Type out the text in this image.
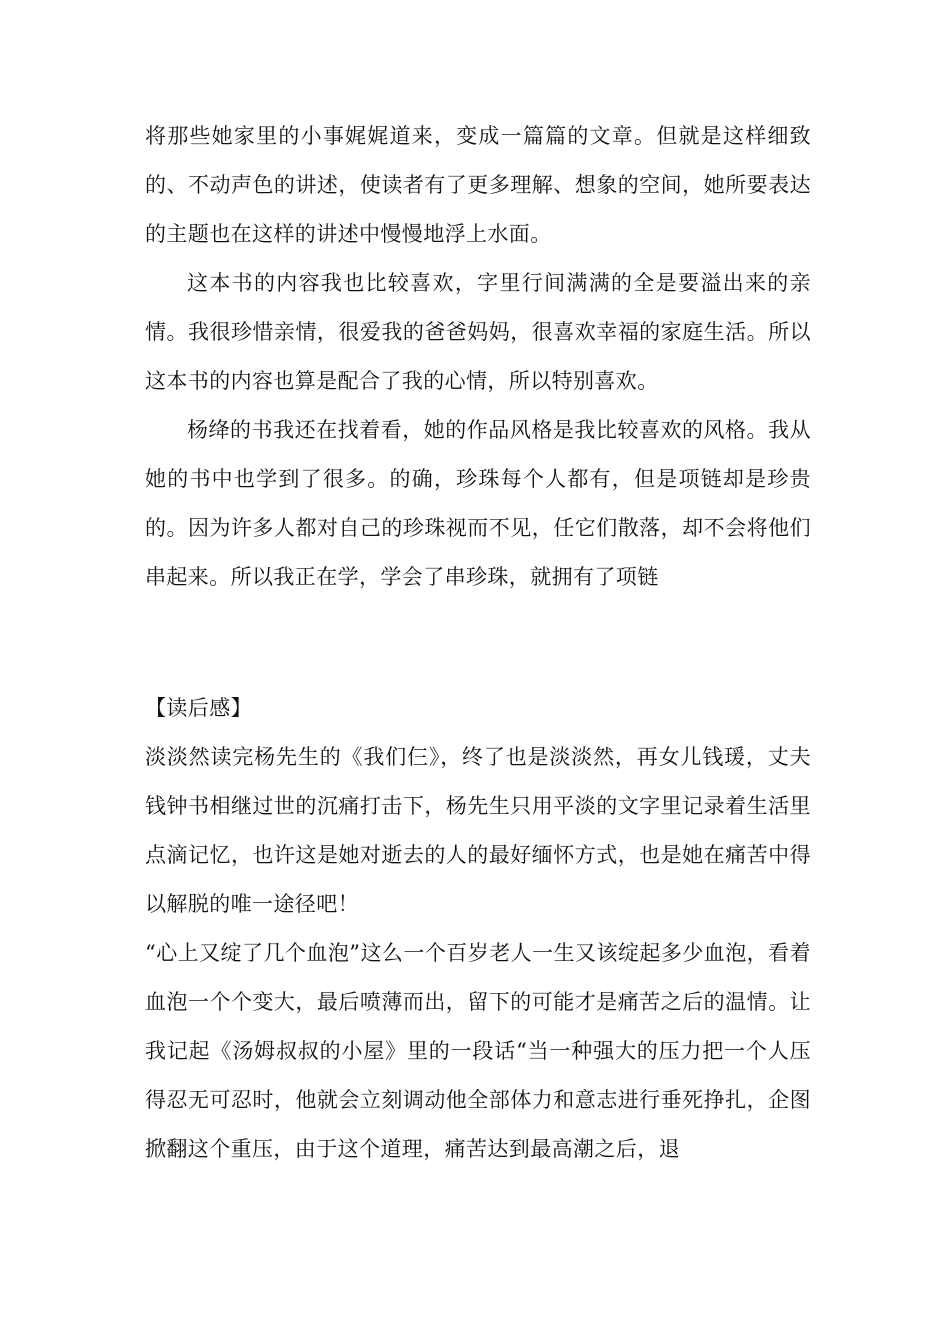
将那些她家里的小事娓娓道来，变成一篇篇的文章。但就是这样细致的、不动声色的讲述，使读者有了更多理解、想象的空间，她所要表达的主题也在这样的讲述中慢慢地浮上水面。

这本书的内容我也比较喜欢，字里行间满满的全是要溢出来的亲情。我很珍惜亲情，很爱我的爸爸妈妈，很喜欢幸福的家庭生活。所以这本书的内容也算是配合了我的心情，所以特别喜欢。

杨绛的书我还在找着看，她的作品风格是我比较喜欢的风格。我从她的书中也学到了很多。的确，珍珠每个人都有，但是项链却是珍贵的。因为许多人都对自己的珍珠视而不见，任它们散落，却不会将他们串起来。所以我正在学，学会了串珍珠，就拥有了项链

【读后感】

淡淡然读完杨先生的《我们仨》，终了也是淡淡然，再女儿钱瑗，丈夫钱钟书相继过世的沉痛打击下，杨先生只用平淡的文字里记录着生活里点滴记忆，也许这是她对逝去的人的最好缅怀方式，也是她在痛苦中得以解脱的唯一途径吧！

“心上又绽了几个血泡”这么一个百岁老人一生又该绽起多少血泡，看着血泡一个个变大，最后喷薄而出，留下的可能才是痛苦之后的温情。让我记起《汤姆叔叔的小屋》里的一段话“当一种强大的压力把一个人压得忍无可忍时，他就会立刻调动他全部体力和意志进行垂死挣扎，企图掀翻这个重压，由于这个道理，痛苦达到最高潮之后，退
